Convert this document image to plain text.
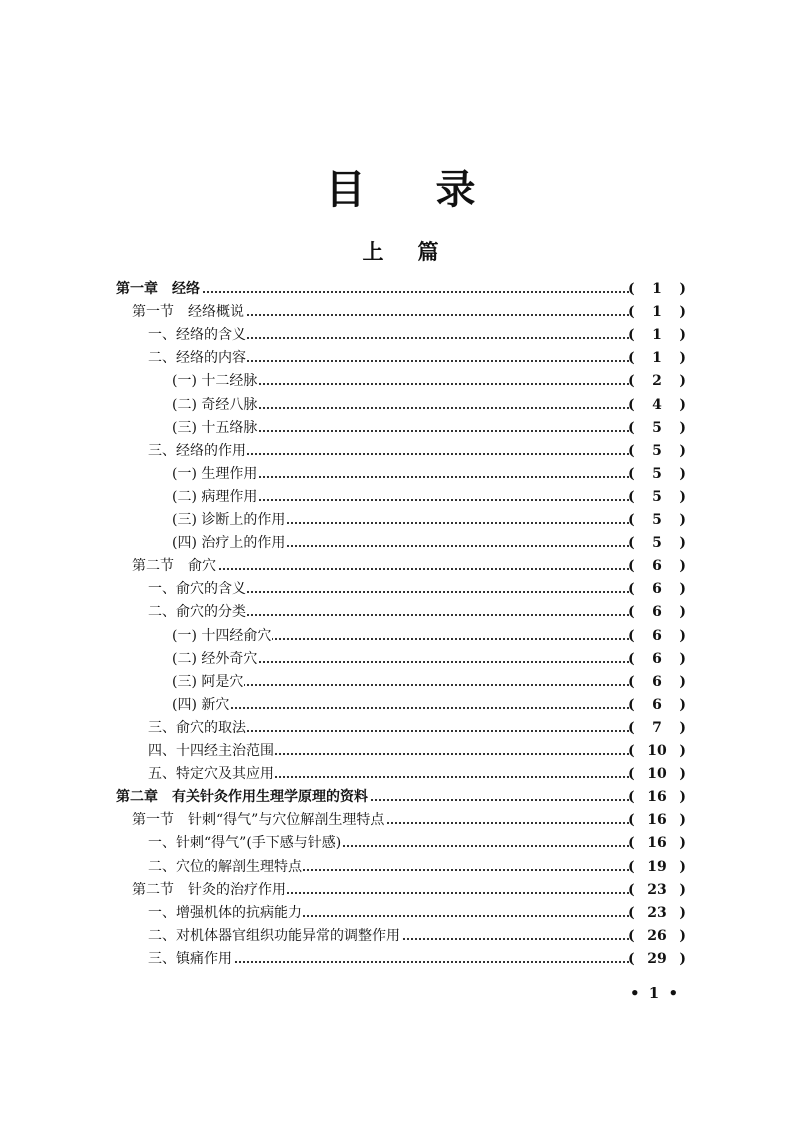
目 录
上 篇
第一章　经络	(	1	)
第一节　经络概说	(	1	)
一、经络的含义	(	1	)
二、经络的内容	(	1	)
(一) 十二经脉	(	2	)
(二) 奇经八脉	(	4	)
(三) 十五络脉	(	5	)
三、经络的作用	(	5	)
(一) 生理作用	(	5	)
(二) 病理作用	(	5	)
(三) 诊断上的作用	(	5	)
(四) 治疗上的作用	(	5	)
第二节　俞穴	(	6	)
一、俞穴的含义	(	6	)
二、俞穴的分类	(	6	)
(一) 十四经俞穴	(	6	)
(二) 经外奇穴	(	6	)
(三) 阿是穴	(	6	)
(四) 新穴	(	6	)
三、俞穴的取法	(	7	)
四、十四经主治范围	( 10 )
五、特定穴及其应用	( 10 )
第二章　有关针灸作用生理学原理的资料	( 16 )
第一节　针刺“得气”与穴位解剖生理特点	( 16 )
一、针刺“得气”(手下感与针感)	( 16 )
二、穴位的解剖生理特点	( 19 )
第二节　针灸的治疗作用	( 23 )
一、增强机体的抗病能力	( 23 )
二、对机体器官组织功能异常的调整作用	( 26 )
三、镇痛作用	( 29 )
• 1 •
